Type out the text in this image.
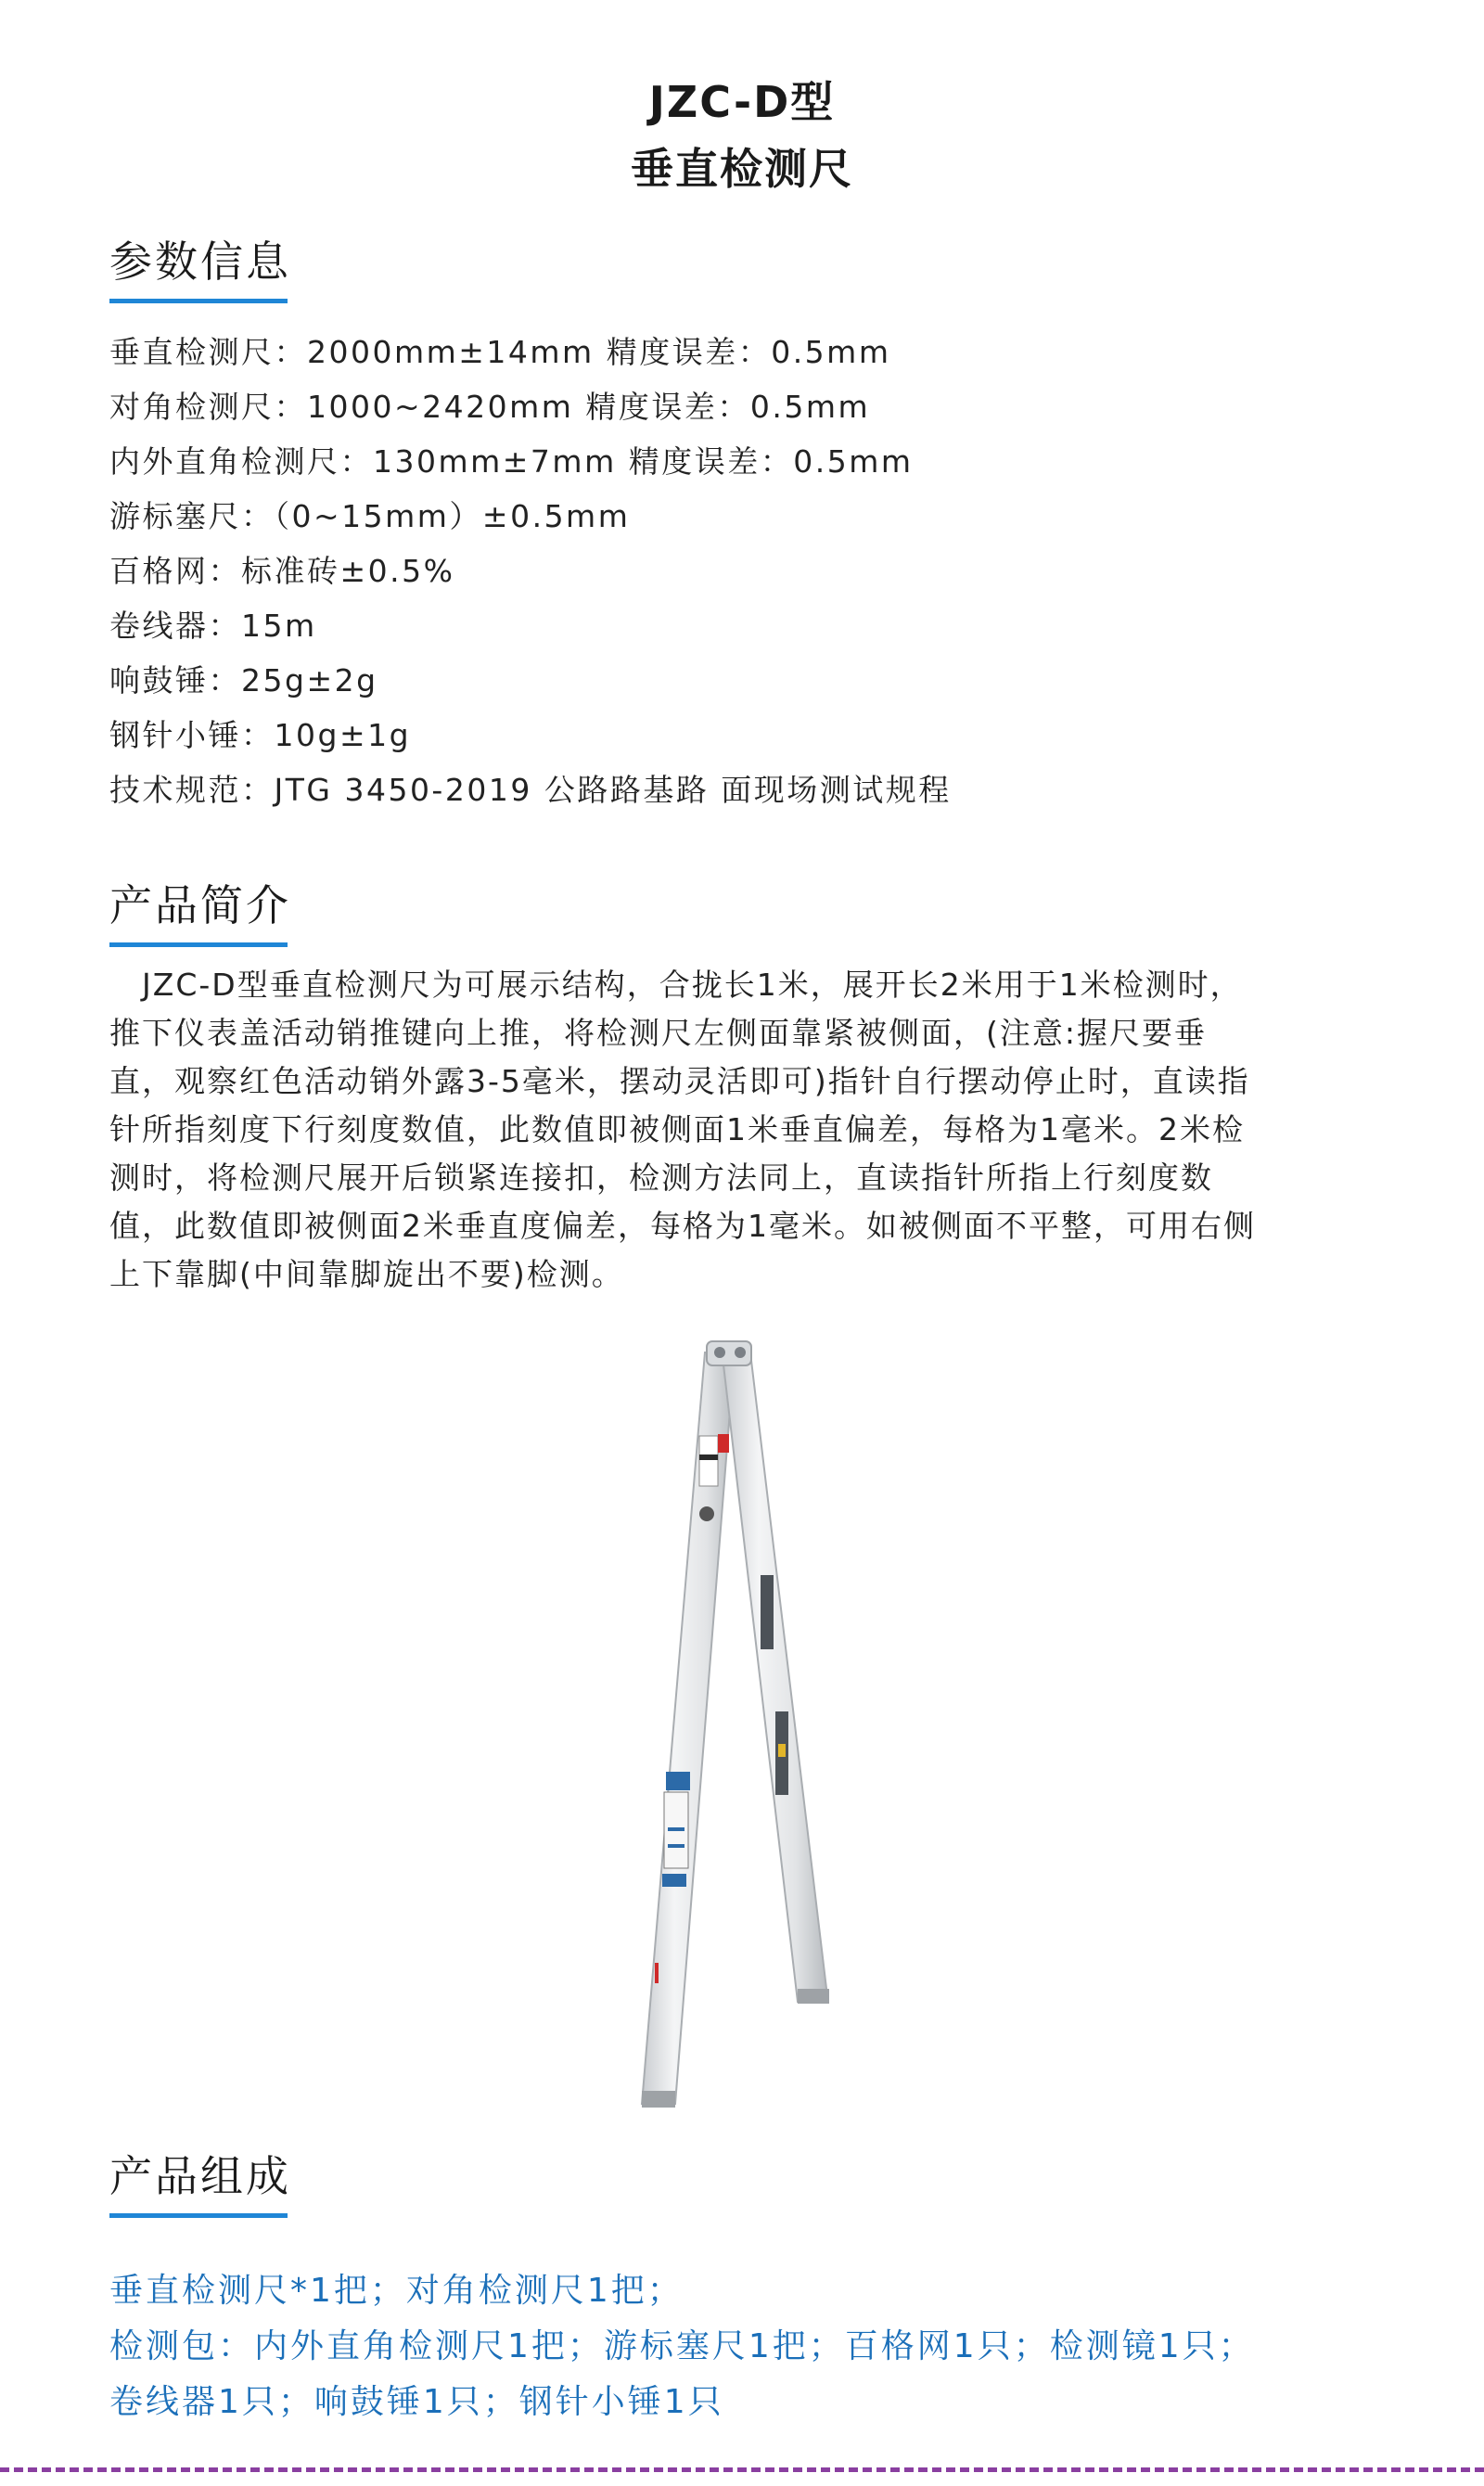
JZC-D型
垂直检测尺
参数信息
垂直检测尺：2000mm±14mm 精度误差：0.5mm
对角检测尺：1000~2420mm 精度误差：0.5mm
内外直角检测尺：130mm±7mm 精度误差：0.5mm
游标塞尺：（0~15mm）±0.5mm
百格网：标准砖±0.5%
卷线器：15m
响鼓锤：25g±2g
钢针小锤：10g±1g
技术规范：JTG 3450-2019 公路路基路 面现场测试规程
产品简介

　JZC-D型垂直检测尺为可展示结构，合拢长1米，展开长2米用于1米检测时，
推下仪表盖活动销推键向上推，将检测尺左侧面靠紧被侧面，(注意:握尺要垂
直，观察红色活动销外露3-5毫米，摆动灵活即可)指针自行摆动停止时，直读指
针所指刻度下行刻度数值，此数值即被侧面1米垂直偏差，每格为1毫米。2米检
测时，将检测尺展开后锁紧连接扣，检测方法同上，直读指针所指上行刻度数
值，此数值即被侧面2米垂直度偏差，每格为1毫米。如被侧面不平整，可用右侧
上下靠脚(中间靠脚旋出不要)检测。

产品组成
垂直检测尺*1把；对角检测尺1把；
检测包：内外直角检测尺1把；游标塞尺1把；百格网1只；检测镜1只；
卷线器1只；响鼓锤1只；钢针小锤1只
